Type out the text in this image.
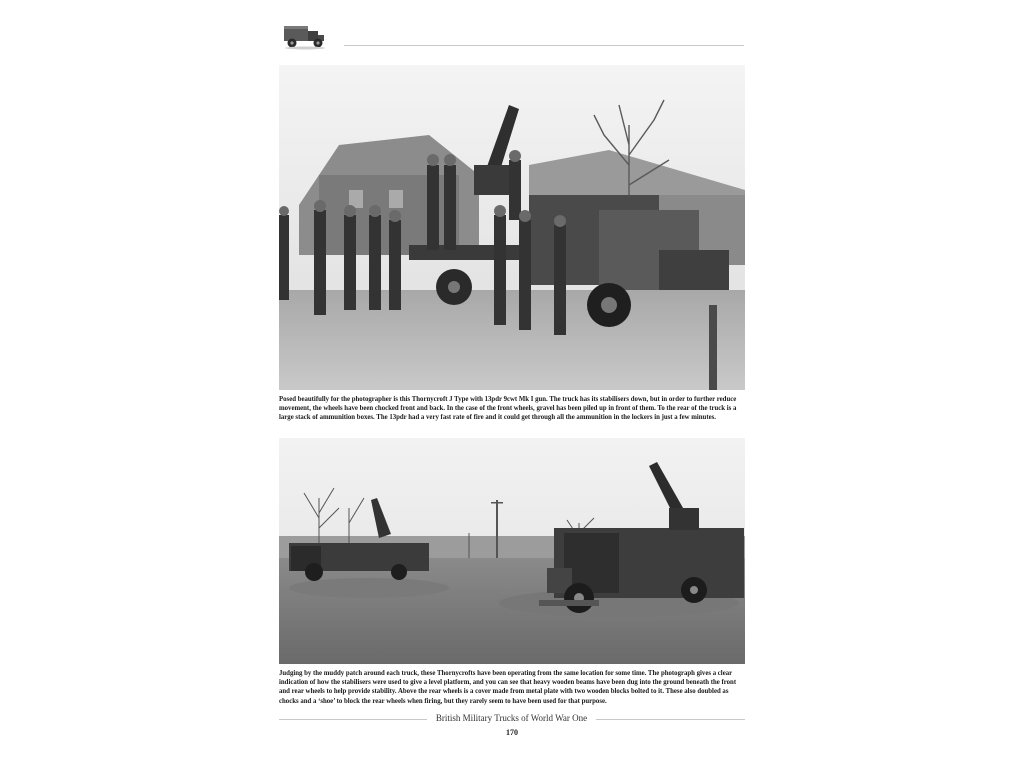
Posed beautifully for the photographer is this Thornycroft J Type with 13pdr 9cwt Mk I gun. The truck has its stabilisers down, but in order to further reduce movement, the wheels have been chocked front and back. In the case of the front wheels, gravel has been piled up in front of them. To the rear of the truck is a large stack of ammunition boxes. The 13pdr had a very fast rate of fire and it could get through all the ammunition in the lockers in just a few minutes.

Judging by the muddy patch around each truck, these Thornycrofts have been operating from the same location for some time. The photograph gives a clear indication of how the stabilisers were used to give a level platform, and you can see that heavy wooden beams have been dug into the ground beneath the front and rear wheels to help provide stability. Above the rear wheels is a cover made from metal plate with two wooden blocks bolted to it. These also doubled as chocks and a ‘shoe’ to block the rear wheels when firing, but they rarely seem to have been used for that purpose.

British Military Trucks of World War One
170
